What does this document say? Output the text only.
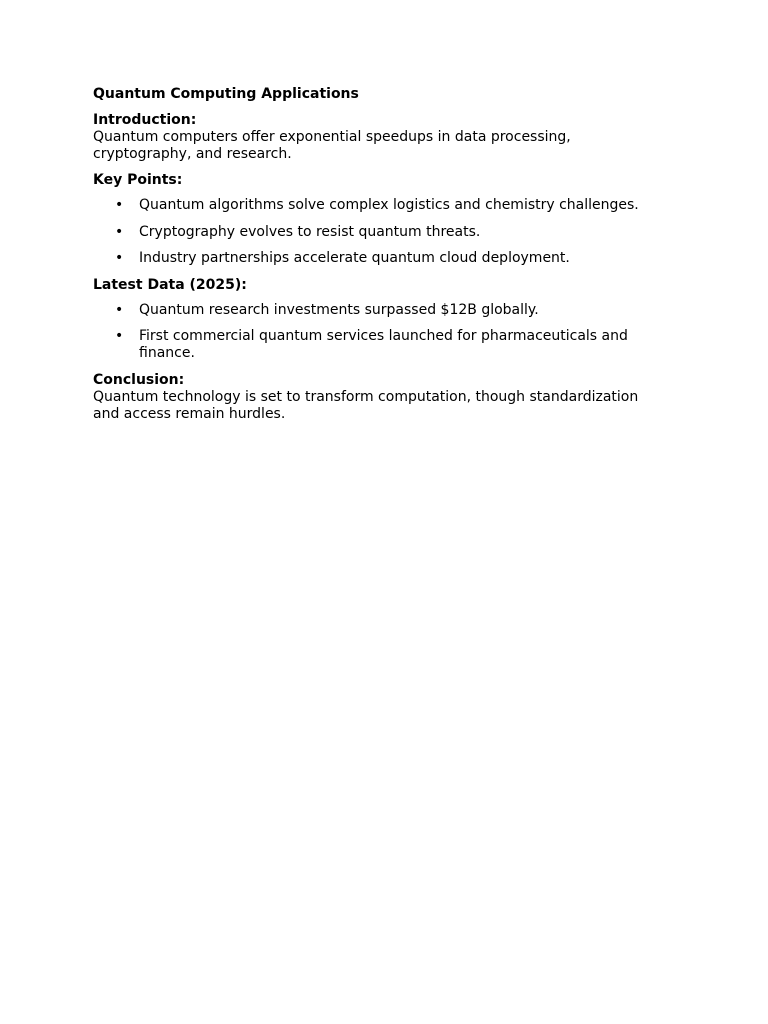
Quantum Computing Applications
Introduction:
Quantum computers offer exponential speedups in data processing, cryptography, and research.
Key Points:
• Quantum algorithms solve complex logistics and chemistry challenges.
• Cryptography evolves to resist quantum threats.
• Industry partnerships accelerate quantum cloud deployment.
Latest Data (2025):
• Quantum research investments surpassed $12B globally.
• First commercial quantum services launched for pharmaceuticals and finance.
Conclusion:
Quantum technology is set to transform computation, though standardization and access remain hurdles.
